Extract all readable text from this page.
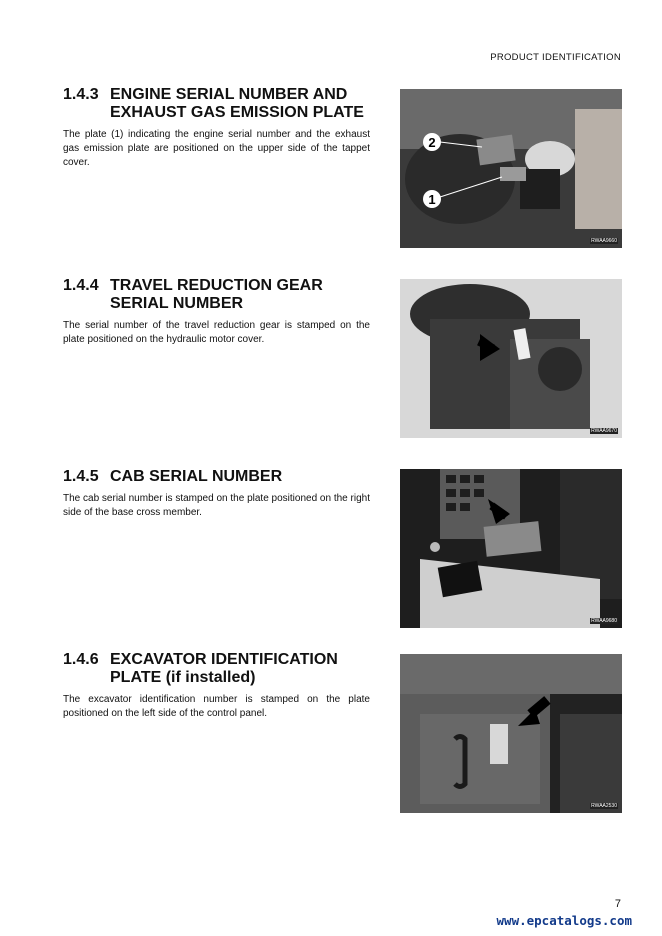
PRODUCT IDENTIFICATION
1.4.3 ENGINE SERIAL NUMBER AND
EXHAUST GAS EMISSION PLATE
The plate (1) indicating the engine serial number and the exhaust gas emission plate are positioned on the upper side of the tappet cover.
2
1
RWAA9660
1.4.4 TRAVEL REDUCTION GEAR
SERIAL NUMBER
The serial number of the travel reduction gear is stamped on the plate positioned on the hydraulic motor cover.
RWAA9670
1.4.5 CAB SERIAL NUMBER
The cab serial number is stamped on the plate positioned on the right side of the base cross member.
RWAA9680
1.4.6 EXCAVATOR IDENTIFICATION
PLATE (if installed)
The excavator identification number is stamped on the plate positioned on the left side of the control panel.
RWAA2530
7
www.epcatalogs.com
